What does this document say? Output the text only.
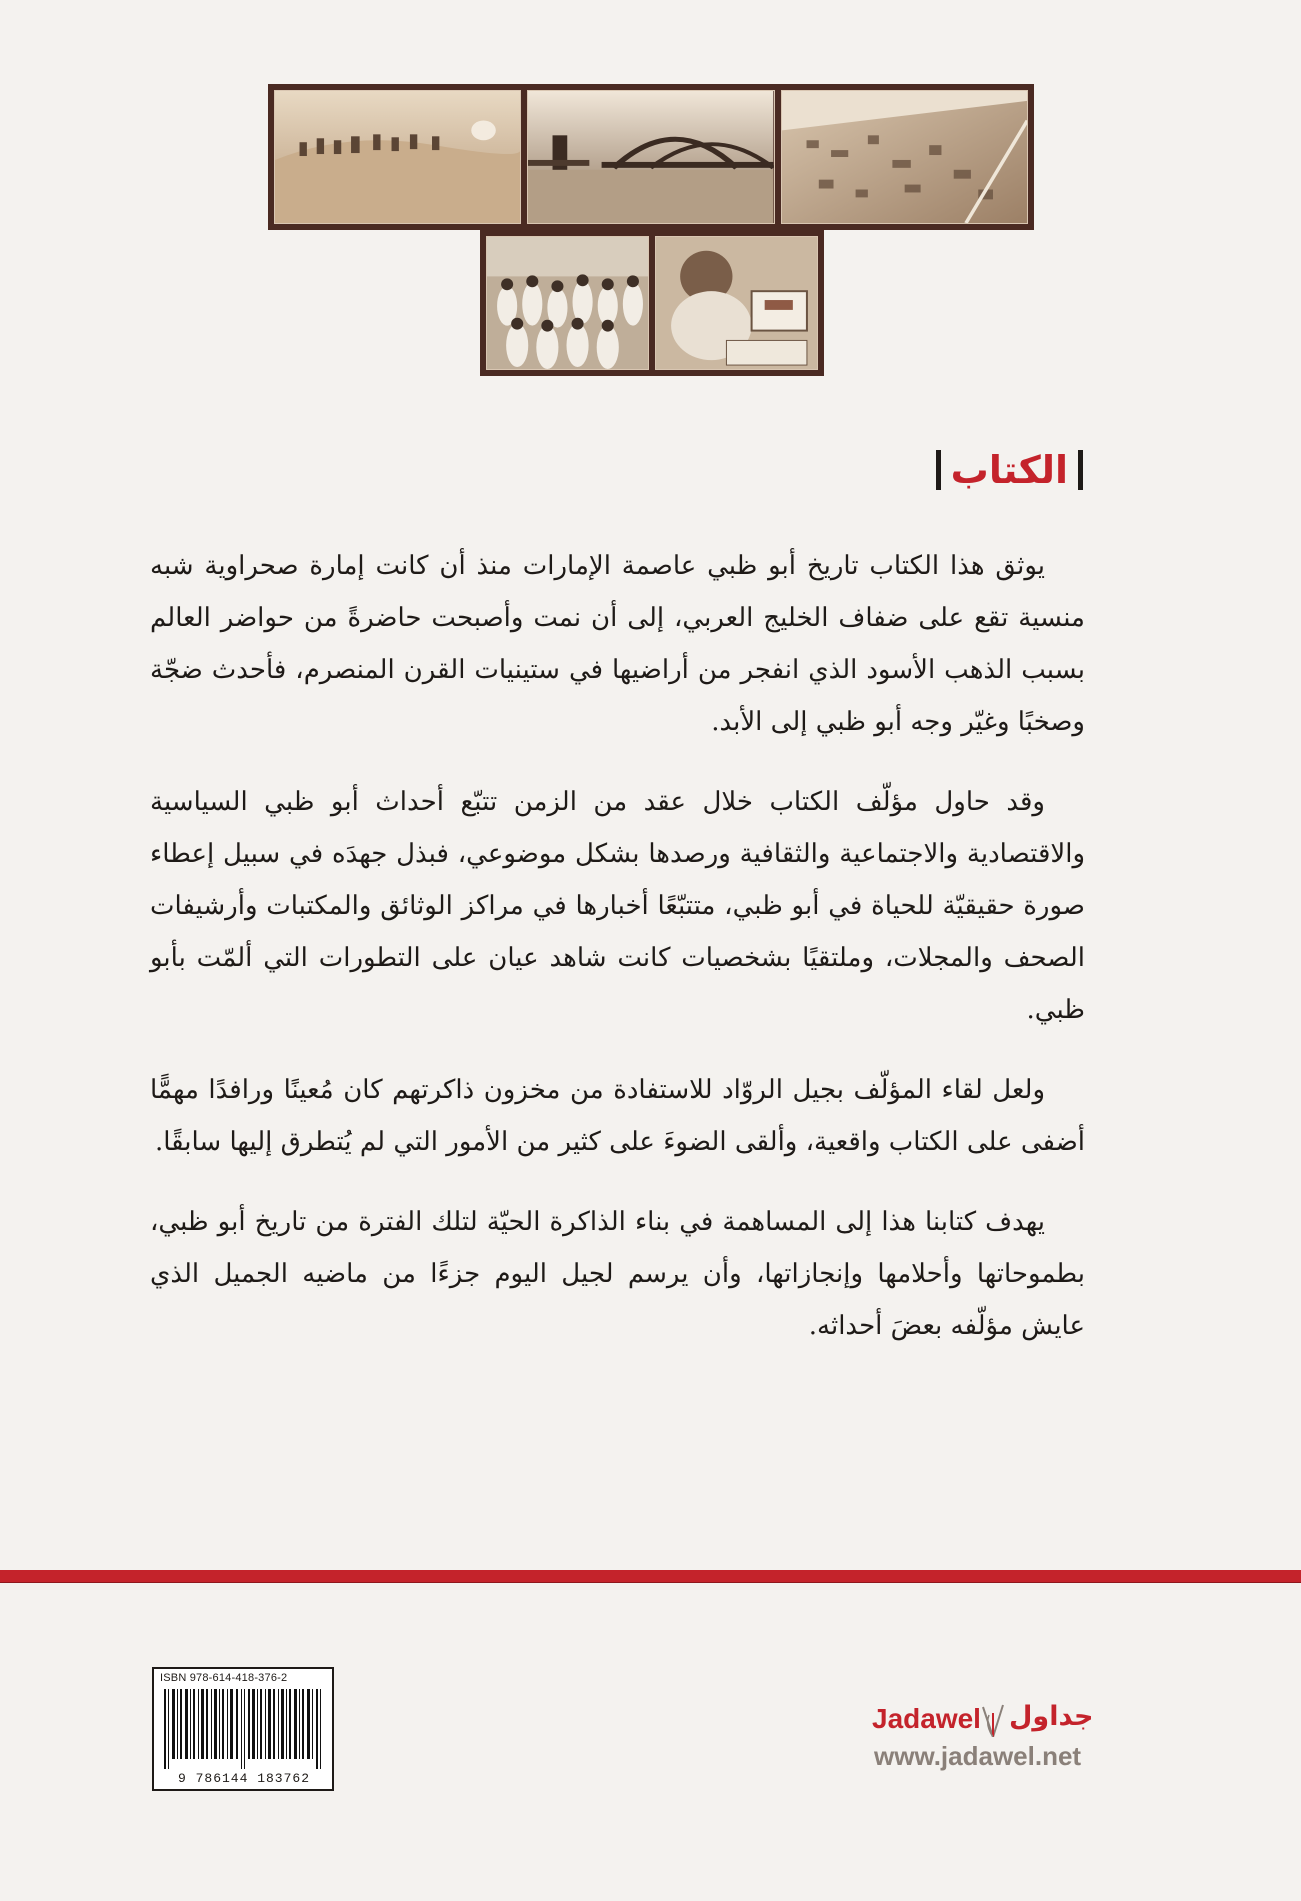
الكتاب

يوثق هذا الكتاب تاريخ أبو ظبي عاصمة الإمارات منذ أن كانت إمارة صحراوية شبه منسية تقع على ضفاف الخليج العربي، إلى أن نمت وأصبحت حاضرةً من حواضر العالم بسبب الذهب الأسود الذي انفجر من أراضيها في ستينيات القرن المنصرم، فأحدث ضجّة وصخبًا وغيّر وجه أبو ظبي إلى الأبد.

وقد حاول مؤلّف الكتاب خلال عقد من الزمن تتبّع أحداث أبو ظبي السياسية والاقتصادية والاجتماعية والثقافية ورصدها بشكل موضوعي، فبذل جهدَه في سبيل إعطاء صورة حقيقيّة للحياة في أبو ظبي، متتبّعًا أخبارها في مراكز الوثائق والمكتبات وأرشيفات الصحف والمجلات، وملتقيًا بشخصيات كانت شاهد عيان على التطورات التي ألمّت بأبو ظبي.

ولعل لقاء المؤلّف بجيل الروّاد للاستفادة من مخزون ذاكرتهم كان مُعينًا ورافدًا مهمًّا أضفى على الكتاب واقعية، وألقى الضوءَ على كثير من الأمور التي لم يُتطرق إليها سابقًا.

يهدف كتابنا هذا إلى المساهمة في بناء الذاكرة الحيّة لتلك الفترة من تاريخ أبو ظبي، بطموحاتها وأحلامها وإنجازاتها، وأن يرسم لجيل اليوم جزءًا من ماضيه الجميل الذي عايش مؤلّفه بعضَ أحداثه.

ISBN 978-614-418-376-2
9 786144 183762
Jadawel جداول
www.jadawel.net
